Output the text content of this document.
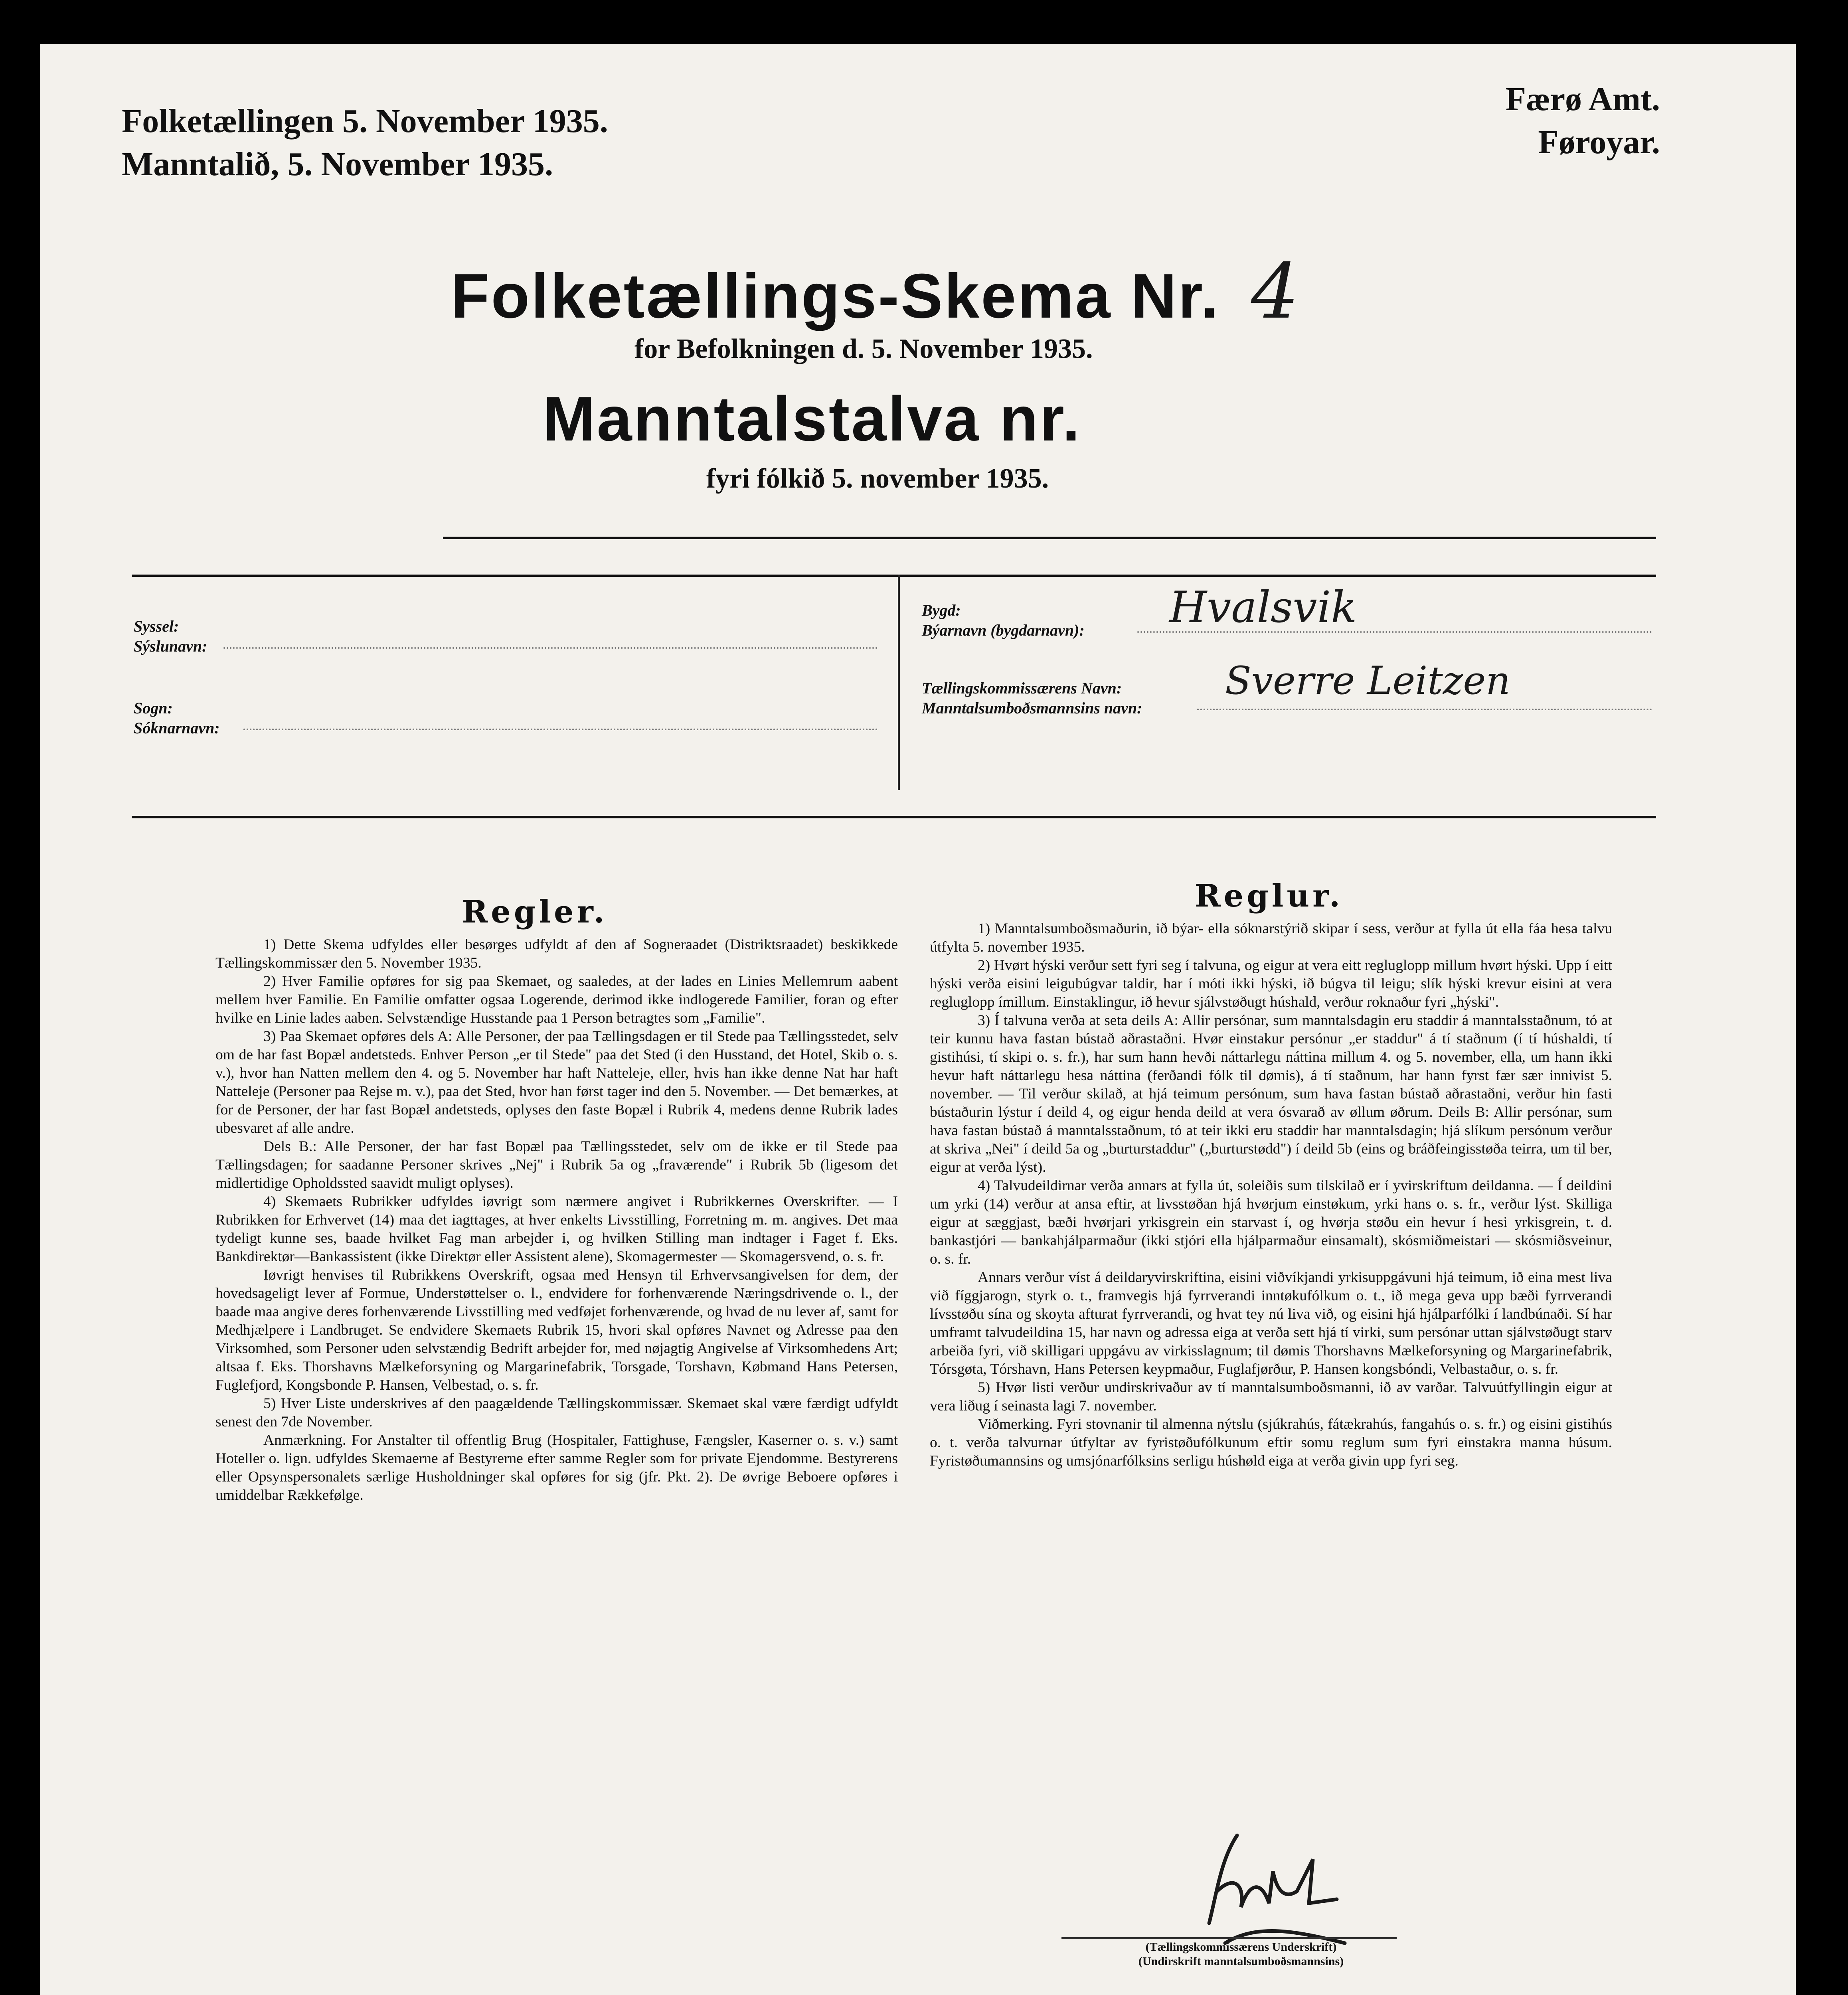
Folketællingen 5. November 1935.
Manntalið, 5. November 1935.
Færø Amt.
Føroyar.
Folketællings-Skema Nr. 4
for Befolkningen d. 5. November 1935.
Manntalstalva nr.
fyri fólkið 5. november 1935.
Syssel:
Sýslunavn:
Sogn:
Sóknarnavn:
Bygd:
Býarnavn (bygdarnavn):	Hvalsvik
Tællingskommissærens Navn:
Manntalsumboðsmannsins navn:
Sverre Leitzen
Regler.

1) Dette Skema udfyldes eller besørges udfyldt af den af Sogneraadet (Distriktsraadet) beskikkede Tællingskommissær den 5. November 1935.

2) Hver Familie opføres for sig paa Skemaet, og saaledes, at der lades en Linies Mellemrum aabent mellem hver Familie. En Familie omfatter ogsaa Logerende, derimod ikke indlogerede Familier, foran og efter hvilke en Linie lades aaben. Selvstændige Husstande paa 1 Person betragtes som „Familie".

3) Paa Skemaet opføres dels A: Alle Personer, der paa Tællingsdagen er til Stede paa Tællingsstedet, selv om de har fast Bopæl andetsteds. Enhver Person „er til Stede" paa det Sted (i den Husstand, det Hotel, Skib o. s. v.), hvor han Natten mellem den 4. og 5. November har haft Natteleje, eller, hvis han ikke denne Nat har haft Natteleje (Personer paa Rejse m. v.), paa det Sted, hvor han først tager ind den 5. November. — Det bemærkes, at for de Personer, der har fast Bopæl andetsteds, oplyses den faste Bopæl i Rubrik 4, medens denne Rubrik lades ubesvaret af alle andre.

Dels B.: Alle Personer, der har fast Bopæl paa Tællingsstedet, selv om de ikke er til Stede paa Tællingsdagen; for saadanne Personer skrives „Nej" i Rubrik 5a og „fraværende" i Rubrik 5b (ligesom det midlertidige Opholdssted saavidt muligt oplyses).

4) Skemaets Rubrikker udfyldes iøvrigt som nærmere angivet i Rubrikkernes Overskrifter. — I Rubrikken for Erhvervet (14) maa det iagttages, at hver enkelts Livsstilling, Forretning m. m. angives. Det maa tydeligt kunne ses, baade hvilket Fag man arbejder i, og hvilken Stilling man indtager i Faget f. Eks. Bankdirektør—Bankassistent (ikke Direktør eller Assistent alene), Skomagermester — Skomagersvend, o. s. fr.

Iøvrigt henvises til Rubrikkens Overskrift, ogsaa med Hensyn til Erhvervsangivelsen for dem, der hovedsageligt lever af Formue, Understøttelser o. l., endvidere for forhenværende Næringsdrivende o. l., der baade maa angive deres forhenværende Livsstilling med vedføjet forhenværende, og hvad de nu lever af, samt for Medhjælpere i Landbruget. Se endvidere Skemaets Rubrik 15, hvori skal opføres Navnet og Adresse paa den Virksomhed, som Personer uden selvstændig Bedrift arbejder for, med nøjagtig Angivelse af Virksomhedens Art; altsaa f. Eks. Thorshavns Mælkeforsyning og Margarinefabrik, Torsgade, Torshavn, Købmand Hans Petersen, Fuglefjord, Kongsbonde P. Hansen, Velbestad, o. s. fr.

5) Hver Liste underskrives af den paagældende Tællingskommissær. Skemaet skal være færdigt udfyldt senest den 7de November.

Anmærkning. For Anstalter til offentlig Brug (Hospitaler, Fattighuse, Fængsler, Kaserner o. s. v.) samt Hoteller o. lign. udfyldes Skemaerne af Bestyrerne efter samme Regler som for private Ejendomme. Bestyrerens eller Opsynspersonalets særlige Husholdninger skal opføres for sig (jfr. Pkt. 2). De øvrige Beboere opføres i umiddelbar Rækkefølge.

Reglur.

1) Manntalsumboðsmaðurin, ið býar- ella sóknarstýrið skipar í sess, verður at fylla út ella fáa hesa talvu útfylta 5. november 1935.

2) Hvørt hýski verður sett fyri seg í talvuna, og eigur at vera eitt regluglopp millum hvørt hýski. Upp í eitt hýski verða eisini leigubúgvar taldir, har í móti ikki hýski, ið búgva til leigu; slík hýski krevur eisini at vera regluglopp ímillum. Einstaklingur, ið hevur sjálvstøðugt húshald, verður roknaður fyri „hýski".

3) Í talvuna verða at seta deils A: Allir persónar, sum manntalsdagin eru staddir á manntalsstaðnum, tó at teir kunnu hava fastan bústað aðrastaðni. Hvør einstakur persónur „er staddur" á tí staðnum (í tí húshaldi, tí gistihúsi, tí skipi o. s. fr.), har sum hann hevði náttarlegu náttina millum 4. og 5. november, ella, um hann ikki hevur haft náttarlegu hesa náttina (ferðandi fólk til dømis), á tí staðnum, har hann fyrst fær sær innivist 5. november. — Til verður skilað, at hjá teimum persónum, sum hava fastan bústað aðrastaðni, verður hin fasti bústaðurin lýstur í deild 4, og eigur henda deild at vera ósvarað av øllum øðrum. Deils B: Allir persónar, sum hava fastan bústað á manntalsstaðnum, tó at teir ikki eru staddir har manntalsdagin; hjá slíkum persónum verður at skriva „Nei" í deild 5a og „burturstaddur" („burturstødd") í deild 5b (eins og bráðfeingisstøða teirra, um til ber, eigur at verða lýst).

4) Talvudeildirnar verða annars at fylla út, soleiðis sum tilskilað er í yvirskriftum deildanna. — Í deildini um yrki (14) verður at ansa eftir, at livsstøðan hjá hvørjum einstøkum, yrki hans o. s. fr., verður lýst. Skilliga eigur at sæggjast, bæði hvørjari yrkisgrein ein starvast í, og hvørja støðu ein hevur í hesi yrkisgrein, t. d. bankastjóri — bankahjálparmaður (ikki stjóri ella hjálparmaður einsamalt), skósmiðmeistari — skósmiðsveinur, o. s. fr.

Annars verður víst á deildaryvirskriftina, eisini viðvíkjandi yrkisuppgávuni hjá teimum, ið eina mest liva við fíggjarogn, styrk o. t., framvegis hjá fyrrverandi inntøkufólkum o. t., ið mega geva upp bæði fyrrverandi lívsstøðu sína og skoyta afturat fyrrverandi, og hvat tey nú liva við, og eisini hjá hjálparfólki í landbúnaði. Sí har umframt talvudeildina 15, har navn og adressa eiga at verða sett hjá tí virki, sum persónar uttan sjálvstøðugt starv arbeiða fyri, við skilligari uppgávu av virkisslagnum; til dømis Thorshavns Mælkeforsyning og Margarinefabrik, Tórsgøta, Tórshavn, Hans Petersen keypmaður, Fuglafjørður, P. Hansen kongsbóndi, Velbastaður, o. s. fr.

5) Hvør listi verður undirskrivaður av tí manntalsumboðsmanni, ið av varðar. Talvuútfyllingin eigur at vera liðug í seinasta lagi 7. november.

Viðmerking. Fyri stovnanir til almenna nýtslu (sjúkrahús, fátækrahús, fangahús o. s. fr.) og eisini gistihús o. t. verða talvurnar útfyltar av fyristøðufólkunum eftir somu reglum sum fyri einstakra manna húsum. Fyristøðumannsins og umsjónarfólksins serligu húshøld eiga at verða givin upp fyri seg.

(Tællingskommissærens Underskrift)
(Undirskrift manntalsumboðsmannsins)
